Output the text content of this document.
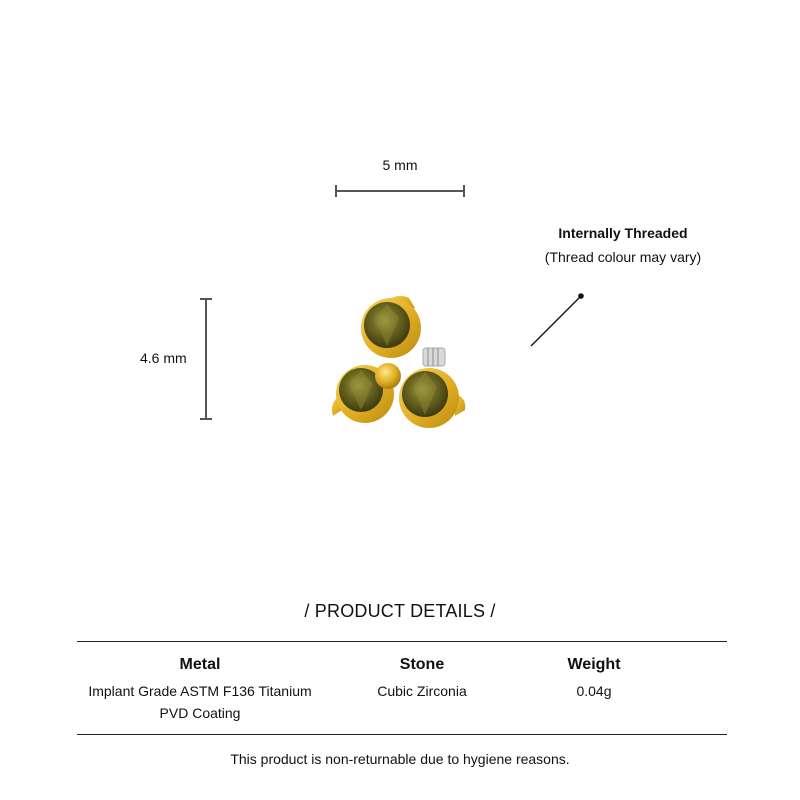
5 mm
4.6 mm
Internally Threaded
(Thread colour may vary)
/ PRODUCT DETAILS /
Metal
Implant Grade ASTM F136 Titanium
PVD Coating
Stone
Cubic Zirconia
Weight
0.04g
This product is non-returnable due to hygiene reasons.
